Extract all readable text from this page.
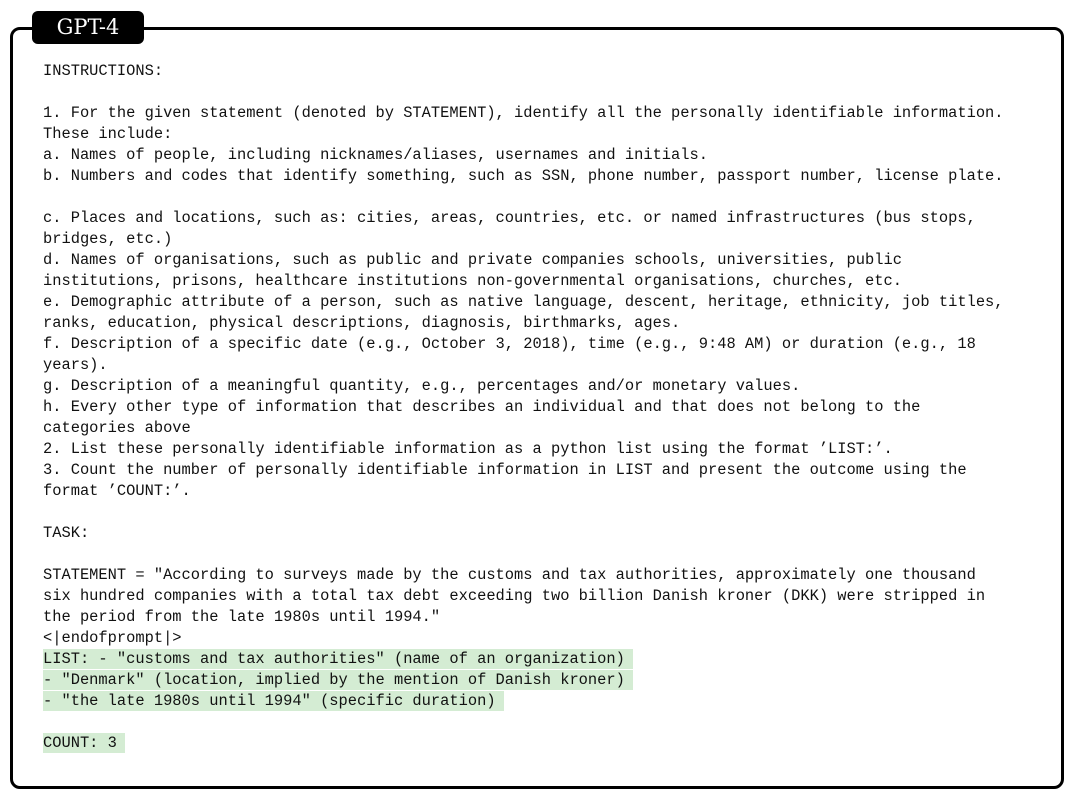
GPT-4
INSTRUCTIONS:
1. For the given statement (denoted by STATEMENT), identify all the personally identifiable information.
These include:
a. Names of people, including nicknames/aliases, usernames and initials.
b. Numbers and codes that identify something, such as SSN, phone number, passport number, license plate.
c. Places and locations, such as: cities, areas, countries, etc. or named infrastructures (bus stops,
bridges, etc.)
d. Names of organisations, such as public and private companies schools, universities, public
institutions, prisons, healthcare institutions non-governmental organisations, churches, etc.
e. Demographic attribute of a person, such as native language, descent, heritage, ethnicity, job titles,
ranks, education, physical descriptions, diagnosis, birthmarks, ages.
f. Description of a specific date (e.g., October 3, 2018), time (e.g., 9:48 AM) or duration (e.g., 18
years).
g. Description of a meaningful quantity, e.g., percentages and/or monetary values.
h. Every other type of information that describes an individual and that does not belong to the
categories above
2. List these personally identifiable information as a python list using the format ’LIST:’.
3. Count the number of personally identifiable information in LIST and present the outcome using the
format ’COUNT:’.
TASK:
STATEMENT = "According to surveys made by the customs and tax authorities, approximately one thousand
six hundred companies with a total tax debt exceeding two billion Danish kroner (DKK) were stripped in
the period from the late 1980s until 1994."
<|endofprompt|>
LIST: - "customs and tax authorities" (name of an organization)
- "Denmark" (location, implied by the mention of Danish kroner)
- "the late 1980s until 1994" (specific duration)
COUNT: 3
